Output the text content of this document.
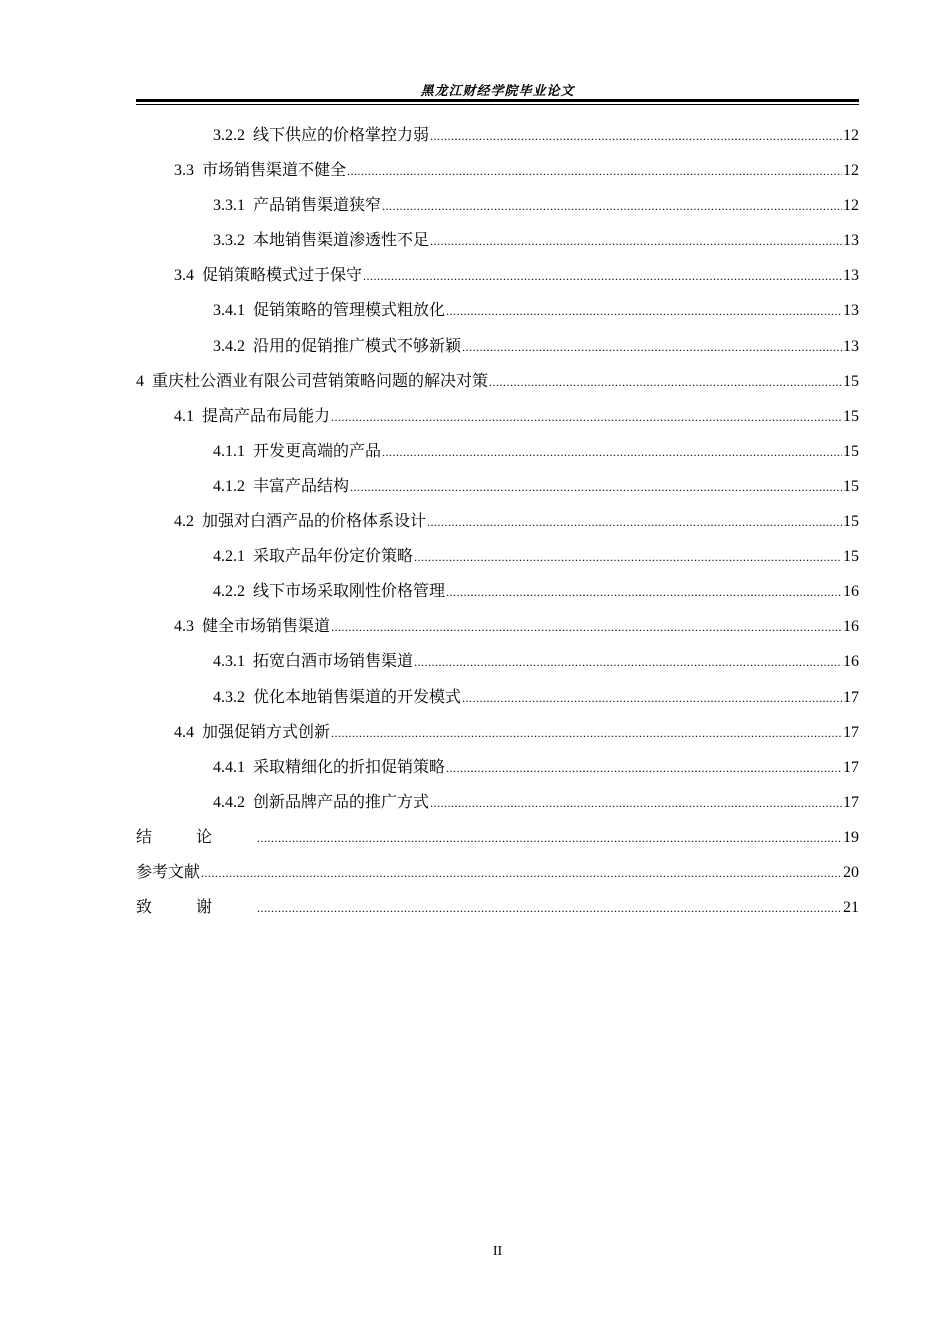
黑龙江财经学院毕业论文
3.2.2 线下供应的价格掌控力弱 .....	12
3.3 市场销售渠道不健全 .....	12
3.3.1 产品销售渠道狭窄 .....	12
3.3.2 本地销售渠道渗透性不足 .....	13
3.4 促销策略模式过于保守 .....	13
3.4.1 促销策略的管理模式粗放化 .....	13
3.4.2 沿用的促销推广模式不够新颖 .....	13
4 重庆杜公酒业有限公司营销策略问题的解决对策 .....	15
4.1 提高产品布局能力 .....	15
4.1.1 开发更高端的产品 .....	15
4.1.2 丰富产品结构 .....	15
4.2 加强对白酒产品的价格体系设计 .....	15
4.2.1 采取产品年份定价策略 .....	15
4.2.2 线下市场采取刚性价格管理 .....	16
4.3 健全市场销售渠道 .....	16
4.3.1 拓宽白酒市场销售渠道 .....	16
4.3.2 优化本地销售渠道的开发模式 .....	17
4.4 加强促销方式创新 .....	17
4.4.1 采取精细化的折扣促销策略 .....	17
4.4.2 创新品牌产品的推广方式 .....	17
结论 .....	19
参考文献 .....	20
致谢 .....	21
II
